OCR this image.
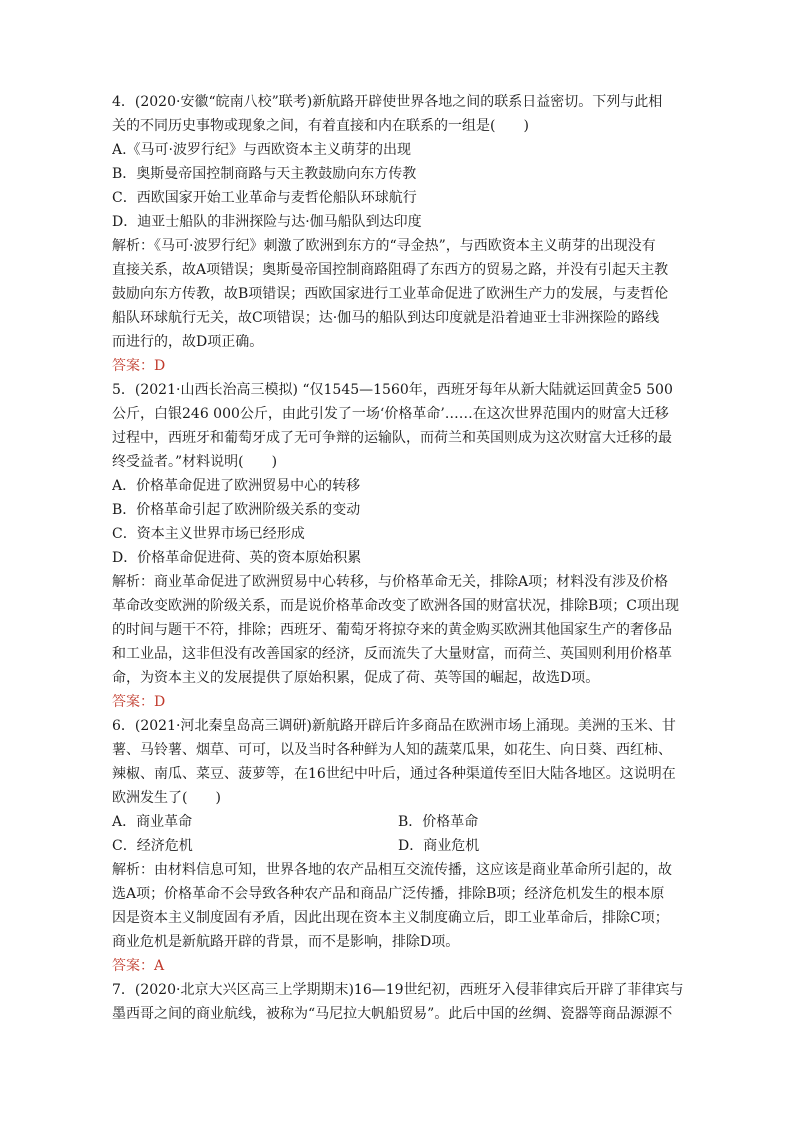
4．(2020·安徽“皖南八校”联考)新航路开辟使世界各地之间的联系日益密切。下列与此相
关的不同历史事物或现象之间，有着直接和内在联系的一组是(　　)
A.《马可·波罗行纪》与西欧资本主义萌芽的出现
B．奥斯曼帝国控制商路与天主教鼓励向东方传教
C．西欧国家开始工业革命与麦哲伦船队环球航行
D．迪亚士船队的非洲探险与达·伽马船队到达印度
解析：《马可·波罗行纪》刺激了欧洲到东方的“寻金热”，与西欧资本主义萌芽的出现没有
直接关系，故A项错误；奥斯曼帝国控制商路阻碍了东西方的贸易之路，并没有引起天主教
鼓励向东方传教，故B项错误；西欧国家进行工业革命促进了欧洲生产力的发展，与麦哲伦
船队环球航行无关，故C项错误；达·伽马的船队到达印度就是沿着迪亚士非洲探险的路线
而进行的，故D项正确。
答案：D
5．(2021·山西长治高三模拟) “仅1545—1560年，西班牙每年从新大陆就运回黄金5 500
公斤，白银246 000公斤，由此引发了一场‘价格革命’……在这次世界范围内的财富大迁移
过程中，西班牙和葡萄牙成了无可争辩的运输队，而荷兰和英国则成为这次财富大迁移的最
终受益者。”材料说明(　　)
A．价格革命促进了欧洲贸易中心的转移
B．价格革命引起了欧洲阶级关系的变动
C．资本主义世界市场已经形成
D．价格革命促进荷、英的资本原始积累
解析：商业革命促进了欧洲贸易中心转移，与价格革命无关，排除A项；材料没有涉及价格
革命改变欧洲的阶级关系，而是说价格革命改变了欧洲各国的财富状况，排除B项；C项出现
的时间与题干不符，排除；西班牙、葡萄牙将掠夺来的黄金购买欧洲其他国家生产的奢侈品
和工业品，这非但没有改善国家的经济，反而流失了大量财富，而荷兰、英国则利用价格革
命，为资本主义的发展提供了原始积累，促成了荷、英等国的崛起，故选D项。
答案：D
6．(2021·河北秦皇岛高三调研)新航路开辟后许多商品在欧洲市场上涌现。美洲的玉米、甘
薯、马铃薯、烟草、可可，以及当时各种鲜为人知的蔬菜瓜果，如花生、向日葵、西红柿、
辣椒、南瓜、菜豆、菠萝等，在16世纪中叶后，通过各种渠道传至旧大陆各地区。这说明在
欧洲发生了(　　)
A．商业革命	B．价格革命
C．经济危机	D．商业危机
解析：由材料信息可知，世界各地的农产品相互交流传播，这应该是商业革命所引起的，故
选A项；价格革命不会导致各种农产品和商品广泛传播，排除B项；经济危机发生的根本原
因是资本主义制度固有矛盾，因此出现在资本主义制度确立后，即工业革命后，排除C项；
商业危机是新航路开辟的背景，而不是影响，排除D项。
答案：A
7．(2020·北京大兴区高三上学期期末)16—19世纪初，西班牙入侵菲律宾后开辟了菲律宾与
墨西哥之间的商业航线，被称为“马尼拉大帆船贸易”。此后中国的丝绸、瓷器等商品源源不
